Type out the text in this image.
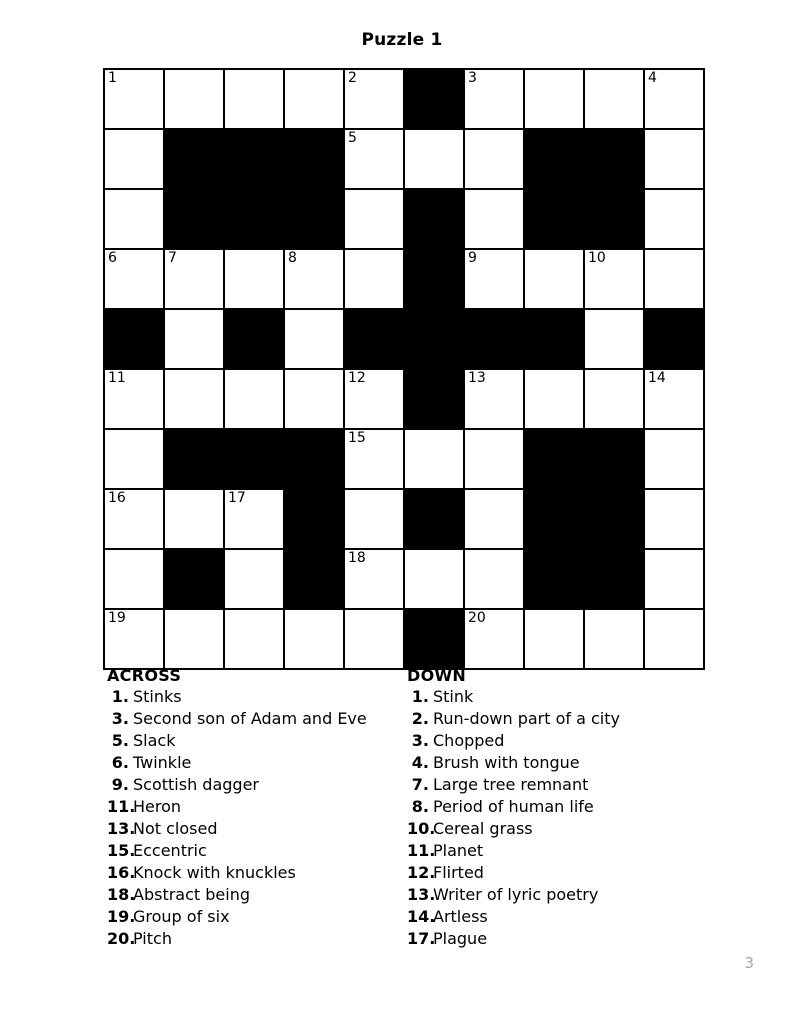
Puzzle 1
1				2		3			4

				5					

6	7		8			9		10	

11				12		13			14

				15					

16		17							

				18					

19						20			

ACROSS
1. Stinks
3. Second son of Adam and Eve
5. Slack
6. Twinkle
9. Scottish dagger
11.
Heron
13.
Not closed
15.
Eccentric
16.
Knock with knuckles
18.
Abstract being
19.
Group of six
20.
Pitch
DOWN
1. Stink
2. Run-down part of a city
3. Chopped
4. Brush with tongue
7. Large tree remnant
8. Period of human life
10.
Cereal grass
11.
Planet
12.
Flirted
13.
Writer of lyric poetry
14.
Artless
17.
Plague
3
